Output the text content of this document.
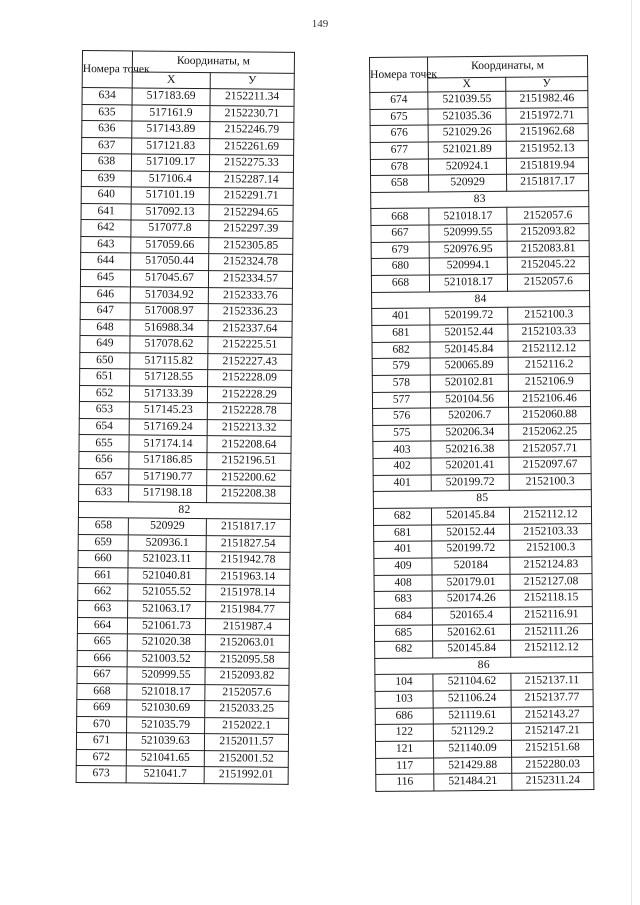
149
Номера точек	Координаты, м	
	Х	У
634	517183.69	2152211.34
635	517161.9	2152230.71
636	517143.89	2152246.79
637	517121.83	2152261.69
638	517109.17	2152275.33
639	517106.4	2152287.14
640	517101.19	2152291.71
641	517092.13	2152294.65
642	517077.8	2152297.39
643	517059.66	2152305.85
644	517050.44	2152324.78
645	517045.67	2152334.57
646	517034.92	2152333.76
647	517008.97	2152336.23
648	516988.34	2152337.64
649	517078.62	2152225.51
650	517115.82	2152227.43
651	517128.55	2152228.09
652	517133.39	2152228.29
653	517145.23	2152228.78
654	517169.24	2152213.32
655	517174.14	2152208.64
656	517186.85	2152196.51
657	517190.77	2152200.62
633	517198.18	2152208.38
82		
658	520929	2151817.17
659	520936.1	2151827.54
660	521023.11	2151942.78
661	521040.81	2151963.14
662	521055.52	2151978.14
663	521063.17	2151984.77
664	521061.73	2151987.4
665	521020.38	2152063.01
666	521003.52	2152095.58
667	520999.55	2152093.82
668	521018.17	2152057.6
669	521030.69	2152033.25
670	521035.79	2152022.1
671	521039.63	2152011.57
672	521041.65	2152001.52
673	521041.7	2151992.01
Номера точек	Координаты, м	
	Х	У
674	521039.55	2151982.46
675	521035.36	2151972.71
676	521029.26	2151962.68
677	521021.89	2151952.13
678	520924.1	2151819.94
658	520929	2151817.17
83		
668	521018.17	2152057.6
667	520999.55	2152093.82
679	520976.95	2152083.81
680	520994.1	2152045.22
668	521018.17	2152057.6
84		
401	520199.72	2152100.3
681	520152.44	2152103.33
682	520145.84	2152112.12
579	520065.89	2152116.2
578	520102.81	2152106.9
577	520104.56	2152106.46
576	520206.7	2152060.88
575	520206.34	2152062.25
403	520216.38	2152057.71
402	520201.41	2152097.67
401	520199.72	2152100.3
85		
682	520145.84	2152112.12
681	520152.44	2152103.33
401	520199.72	2152100.3
409	520184	2152124.83
408	520179.01	2152127.08
683	520174.26	2152118.15
684	520165.4	2152116.91
685	520162.61	2152111.26
682	520145.84	2152112.12
86		
104	521104.62	2152137.11
103	521106.24	2152137.77
686	521119.61	2152143.27
122	521129.2	2152147.21
121	521140.09	2152151.68
117	521429.88	2152280.03
116	521484.21	2152311.24
